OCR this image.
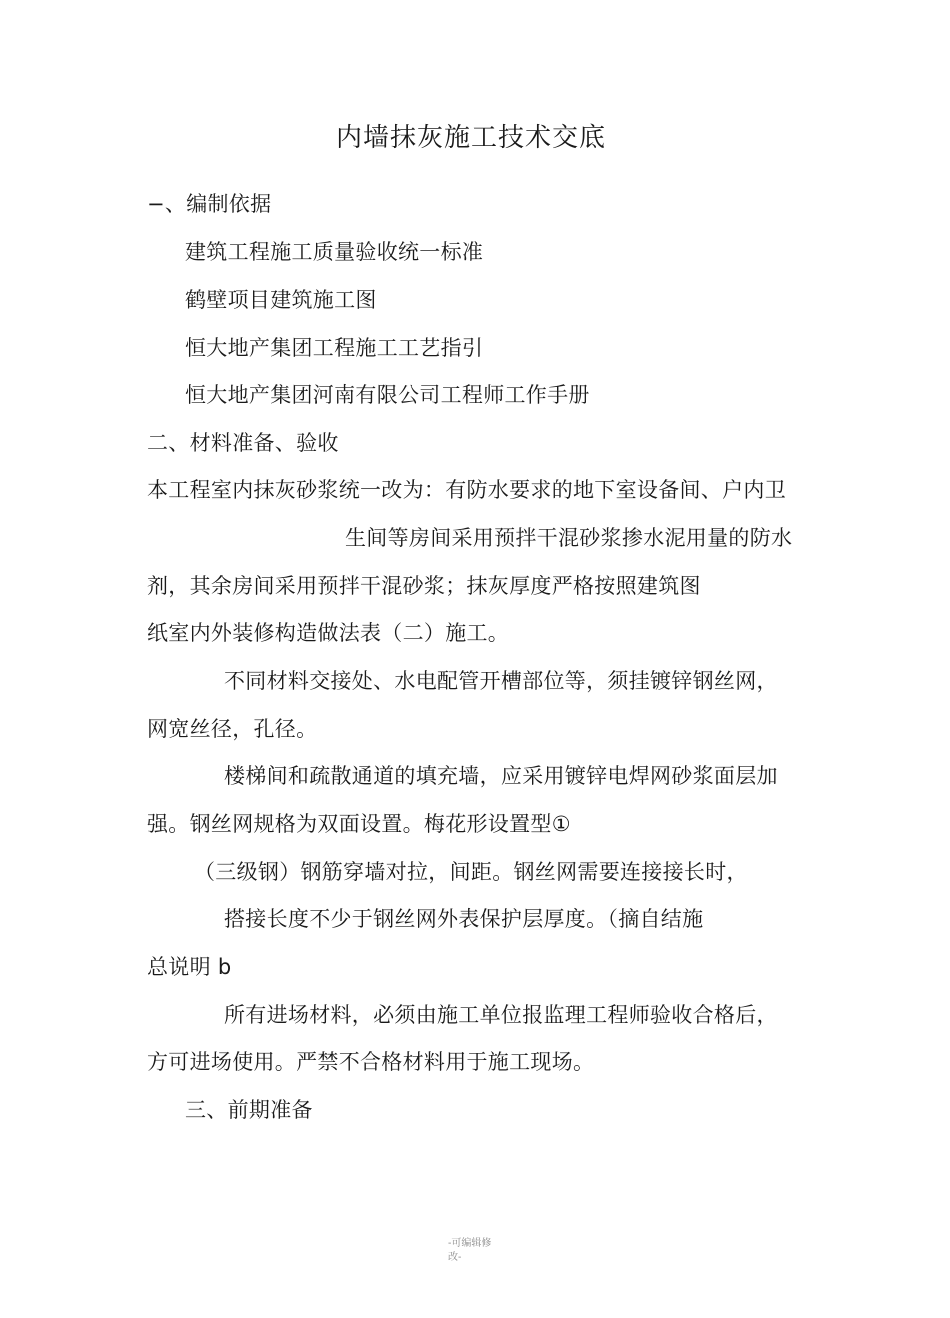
内墙抹灰施工技术交底
−、编制依据
建筑工程施工质量验收统一标准
鹤壁项目建筑施工图
恒大地产集团工程施工工艺指引
恒大地产集团河南有限公司工程师工作手册
二、材料准备、验收
本工程室内抹灰砂浆统一改为：有防水要求的地下室设备间、户内卫
生间等房间采用预拌干混砂浆掺水泥用量的防水
剂，其余房间采用预拌干混砂浆；抹灰厚度严格按照建筑图
纸室内外装修构造做法表（二）施工。
不同材料交接处、水电配管开槽部位等，须挂镀锌钢丝网，
网宽丝径，孔径。
楼梯间和疏散通道的填充墙，应采用镀锌电焊网砂浆面层加
强。钢丝网规格为双面设置。梅花形设置型①
（三级钢）钢筋穿墙对拉，间距。钢丝网需要连接接长时，
搭接长度不少于钢丝网外表保护层厚度。（摘自结施
总说明 b
所有进场材料，必须由施工单位报监理工程师验收合格后，
方可进场使用。严禁不合格材料用于施工现场。
三、前期准备
-可编辑修
改-
